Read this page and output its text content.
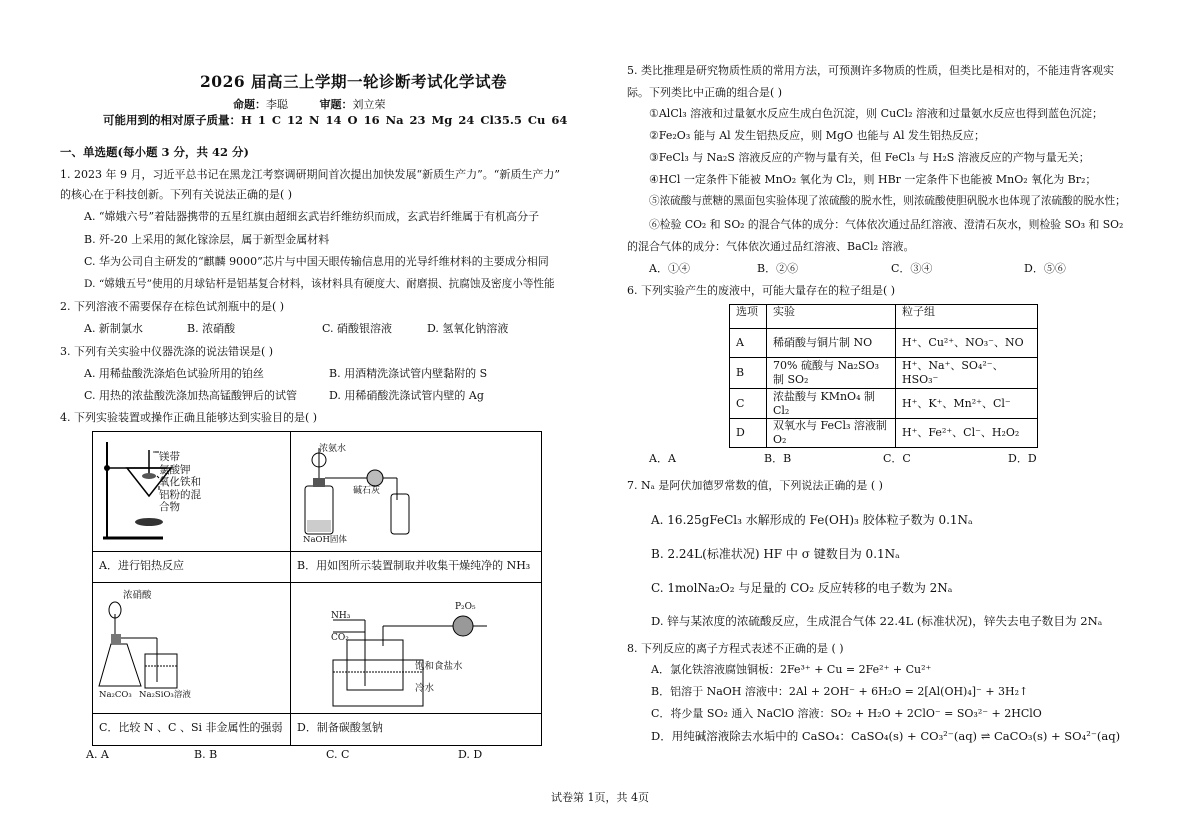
2026 届高三上学期一轮诊断考试化学试卷
命题：李聪	审题：刘立荣
可能用到的相对原子质量：H 1 C 12 N 14 O 16 Na 23 Mg 24 Cl35.5 Cu 64
一、单选题(每小题 3 分，共 42 分)
1. 2023 年 9 月，习近平总书记在黑龙江考察调研期间首次提出加快发展“新质生产力”。“新质生产力”
的核心在于科技创新。下列有关说法正确的是( )
A. “嫦娥六号”着陆器携带的五星红旗由超细玄武岩纤维纺织而成，玄武岩纤维属于有机高分子
B. 歼-20 上采用的氮化镓涂层，属于新型金属材料
C. 华为公司自主研发的“麒麟 9000”芯片与中国天眼传输信息用的光导纤维材料的主要成分相同
D. “嫦娥五号”使用的月球钻杆是铝基复合材料，该材料具有硬度大、耐磨损、抗腐蚀及密度小等性能
2. 下列溶液不需要保存在棕色试剂瓶中的是( )
A. 新制氯水	B. 浓硝酸	C. 硝酸银溶液	D. 氢氧化钠溶液
3. 下列有关实验中仪器洗涤的说法错误是( )
A. 用稀盐酸洗涤焰色试验所用的铂丝	B. 用酒精洗涤试管内壁黏附的 S
C. 用热的浓盐酸洗涤加热高锰酸钾后的试管	D. 用稀硝酸洗涤试管内壁的 Ag
4. 下列实验装置或操作正确且能够达到实验目的是( )
镁带
氯酸钾
氧化铁和
铝粉的混
合物
A．进行铝热反应
浓氨水
碱石灰
NaOH固体
B．用如图所示装置制取并收集干燥纯净的 NH₃
浓硝酸
Na₂CO₃ Na₂SiO₃溶液
C．比较 N 、C 、Si 非金属性的强弱
NH₃
CO₂
P₂O₅
饱和食盐水
冷水
D．制备碳酸氢钠
A. A	B. B	C. C	D. D
5. 类比推理是研究物质性质的常用方法，可预测许多物质的性质，但类比是相对的，不能违背客观实
际。下列类比中正确的组合是( )
①AlCl₃ 溶液和过量氨水反应生成白色沉淀，则 CuCl₂ 溶液和过量氨水反应也得到蓝色沉淀；
②Fe₂O₃ 能与 Al 发生铝热反应，则 MgO 也能与 Al 发生铝热反应；
③FeCl₃ 与 Na₂S 溶液反应的产物与量有关，但 FeCl₃ 与 H₂S 溶液反应的产物与量无关；
④HCl 一定条件下能被 MnO₂ 氧化为 Cl₂，则 HBr 一定条件下也能被 MnO₂ 氧化为 Br₂；
⑤浓硫酸与蔗糖的黑面包实验体现了浓硫酸的脱水性，则浓硫酸使胆矾脱水也体现了浓硫酸的脱水性；
⑥检验 CO₂ 和 SO₂ 的混合气体的成分：气体依次通过品红溶液、澄清石灰水，则检验 SO₃ 和 SO₂
的混合气体的成分：气体依次通过品红溶液、BaCl₂ 溶液。
A．①④	B．②⑥	C．③④	D．⑤⑥
6. 下列实验产生的废液中，可能大量存在的粒子组是( )
选项	实验	粒子组
A	稀硝酸与铜片制 NO	H⁺、Cu²⁺、NO₃⁻、NO
B	70% 硫酸与 Na₂SO₃ 制 SO₂	H⁺、Na⁺、SO₄²⁻、HSO₃⁻
C	浓盐酸与 KMnO₄ 制 Cl₂	H⁺、K⁺、Mn²⁺、Cl⁻
D	双氧水与 FeCl₃ 溶液制 O₂	H⁺、Fe²⁺、Cl⁻、H₂O₂
A．A	B．B	C．C	D．D
7. Nₐ 是阿伏加德罗常数的值，下列说法正确的是 ( )
A. 16.25gFeCl₃ 水解形成的 Fe(OH)₃ 胶体粒子数为 0.1Nₐ
B. 2.24L(标准状况) HF 中 σ 键数目为 0.1Nₐ
C. 1molNa₂O₂ 与足量的 CO₂ 反应转移的电子数为 2Nₐ
D. 锌与某浓度的浓硫酸反应，生成混合气体 22.4L (标准状况)，锌失去电子数目为 2Nₐ
8. 下列反应的离子方程式表述不正确的是 ( )
A．氯化铁溶液腐蚀铜板：2Fe³⁺ + Cu = 2Fe²⁺ + Cu²⁺
B．铝溶于 NaOH 溶液中：2Al + 2OH⁻ + 6H₂O = 2[Al(OH)₄]⁻ + 3H₂↑
C．将少量 SO₂ 通入 NaClO 溶液：SO₂ + H₂O + 2ClO⁻ = SO₃²⁻ + 2HClO
D．用纯碱溶液除去水垢中的 CaSO₄：CaSO₄(s) + CO₃²⁻(aq) ⇌ CaCO₃(s) + SO₄²⁻(aq)
试卷第 1页，共 4页
